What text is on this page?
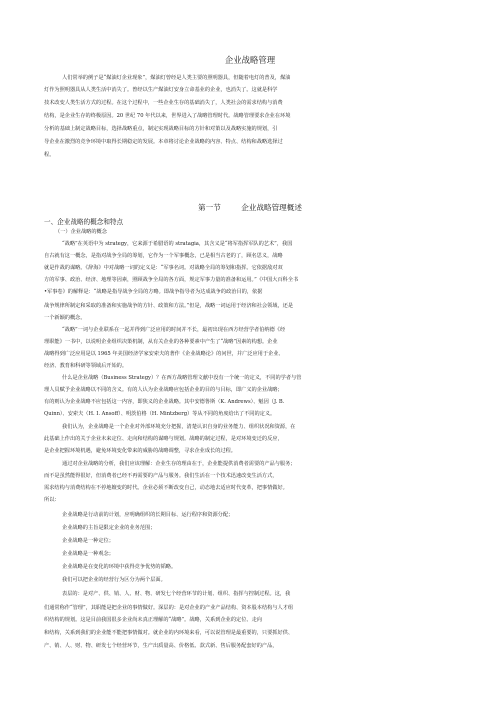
企业战略管理
人们常举的例子是“煤油灯企业现象”，煤油灯曾经是人类主要的照明器具，但随着电灯的普及，煤油
灯作为照明器具从人类生活中消失了。曾经以生产煤油灯安身立命基业的企业，也消失了。这就是科学
技术改变人类生活方式的过程。在这个过程中，一些企业生存的基础消失了，人类社会的需求结构与消费
结构，是企业生存的终极原因。20 世纪 70 年代以来，世界进入了战略管理时代。战略管理要求企业在环境
分析的基础上制定战略目标，选择战略重点，制定实现战略目标的方针和对策以及战略实施的规划，引
导企业在激烈的竞争环境中取得长期稳定的发展。本章将讨论企业战略的内容、特点、结构和战略选择过
程。
第一节 企业战略管理概述
一、企业战略的概念和特点
（一）企业战略的概念
“战略”在英语中为 strategy，它来源于希腊语的 stratagia，其含义是“将军指挥军队的艺术”，我国
自古就有这一概念，是指对战争全局的筹划，它作为一个军事概念，已是相当古老的了，顾名思义，战略
就是作战的谋略。《辞海》中对战略一词的定义是：“军事名词。对战略全局的筹划和指挥。它依据敌对双
方的军事、政治、经济、地理等因素，照顾战争全局的各方面，规定军事力量的准备和运用。”《中国大百科全书
•军事卷》的解释是：“战略是指导战争全局的方略。即战争指导者为达成战争的政治目的，依据
战争规律所制定和采取的准备和实施战争的方针、政策和方法。”但是，战略一词运用于经济和社会领域，还是
一个新颖的概念。
“战略”一词与企业联系在一起并得到广泛应用的时间并不长，最初出现在西方经营学者伯纳德《经
理职能》一书中，以说明企业组织决策机制，从有关企业的各种要素中产生了“战略”因素的构想。企业
战略得到广泛应用是以 1965 年美国经济学家安索夫的著作《企业战略论》的问世，并广泛应用于企业、
经济、教育和科研等领域后开始的。
什么是企业战略（Business Strategy）？在西方战略管理文献中没有一个统一的定义，不同的学者与管
理人员赋予企业战略以不同的含义。有的人认为企业战略应包括企业的目的与目标，即广义的企业战略；
有的则认为企业战略不应包括这一内容，即狭义的企业战略。其中安德鲁斯（K. Andrews）、魁因（J. B.
Quinn）、安索夫（H. I. Ansoff）、明茨伯格（H. Mintzberg）等从不同的角度给出了不同的定义。
我们认为，企业战略是一个企业对外部环境充分把握，清楚认识自身的业务能力、组织状况和资源，在
此基础上作出的关于企业未来定位、走向和结构的谋略与规划。战略的制定过程，是对环境变迁的反应，
是企业把握环境机遇，避免环境变化带来的威胁的战略调整，寻求企业成长的过程。
通过对企业战略的分析，我们应该理解：企业生存的理由在于，企业能提供消费者需要的产品与服务；
而不是虽然能得很好，但消费者已经不再需要的产品与服务。我们生活在一个技术迅速改变生活方式，
需求结构与消费结构在不停地嬗变的时代。企业必须不断改变自己，动态地去适应时代变革，把事情做好。
所以：
企业战略是行动前的计划，应明确组织的长期目标、运行程序和资源分配；
企业战略的主旨是限定企业的业务范围；
企业战略是一种定位；
企业战略是一种观念；
企业战略是在变化的环境中获得竞争优势的韬略。
我们可以把企业的经营行为区分为两个层面。
表层的：是对产、供、销、人、财、物、研发七个经营环节的计划、组织、指挥与控制过程。这，我
们通常称作“管理”，其职能是把企业的事情做好。深层的：是对企业的产业产品结构、资本股本结构与人才组
织结构的规划。这是目前我国很多企业尚未真正理解的“战略”。战略，关系到企业的定位、走向
和结构，关系到我们的企业能不能把事情做对。就企业的内环境来看，可以说管理是最重要的，只要抓好供、
产、销、人、财、物、研发七个经营环节，生产出质量高、价格低、款式新、售后服务配套好的产品，
